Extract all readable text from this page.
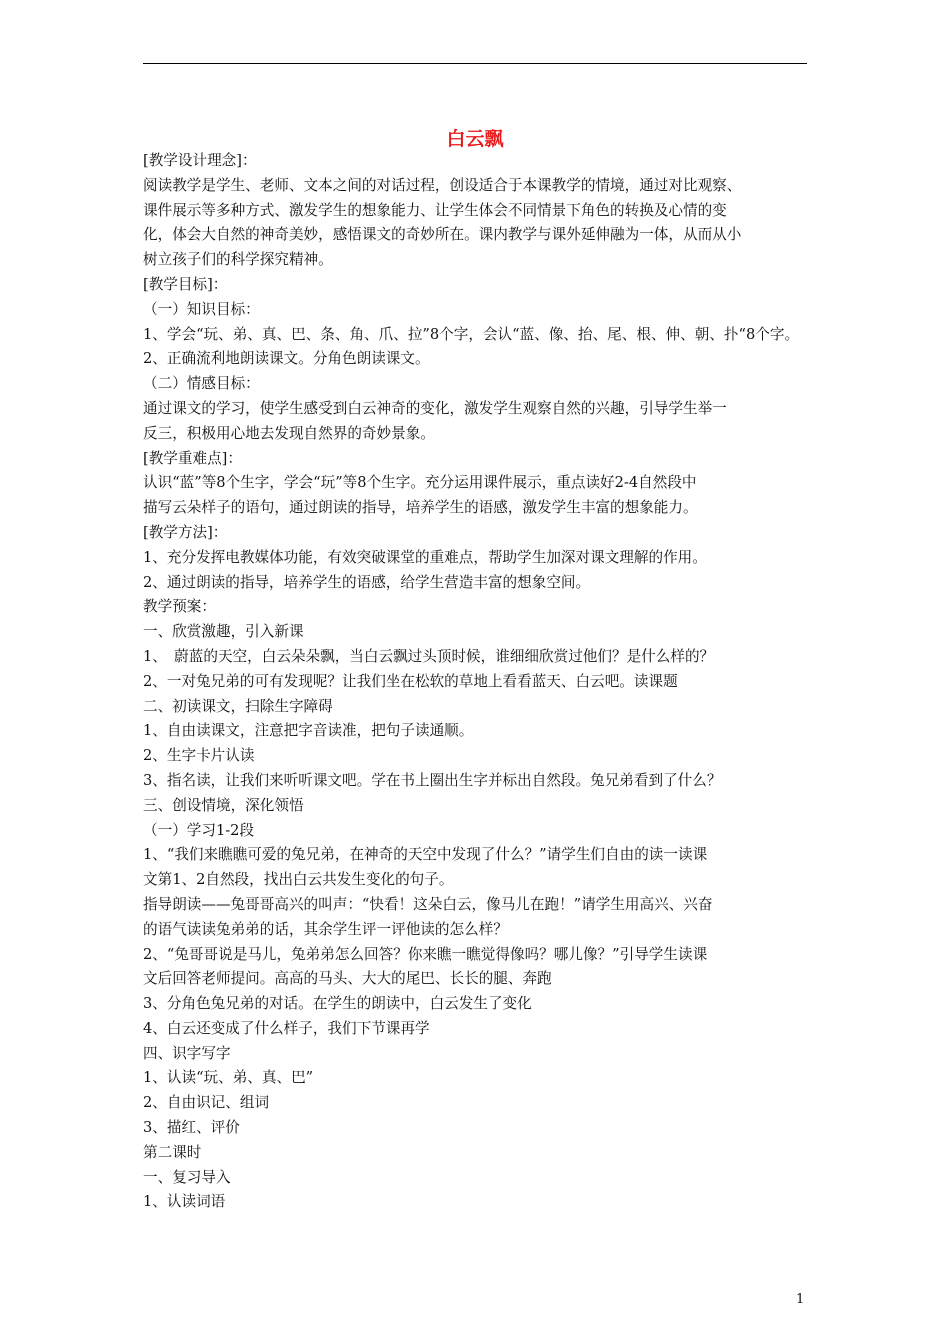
白云飘

[教学设计理念]：

阅读教学是学生、老师、文本之间的对话过程，创设适合于本课教学的情境，通过对比观察、

课件展示等多种方式、激发学生的想象能力、让学生体会不同情景下角色的转换及心情的变

化，体会大自然的神奇美妙，感悟课文的奇妙所在。课内教学与课外延伸融为一体，从而从小

树立孩子们的科学探究精神。

[教学目标]：

（一）知识目标：

1、学会“玩、弟、真、巴、条、角、爪、拉”8个字，会认“蓝、像、抬、尾、根、伸、朝、扑“8个字。

2、正确流利地朗读课文。分角色朗读课文。

（二）情感目标：

通过课文的学习，使学生感受到白云神奇的变化，激发学生观察自然的兴趣，引导学生举一

反三，积极用心地去发现自然界的奇妙景象。

[教学重难点]：

认识“蓝”等8个生字，学会“玩”等8个生字。充分运用课件展示，重点读好2-4自然段中

描写云朵样子的语句，通过朗读的指导，培养学生的语感，激发学生丰富的想象能力。

[教学方法]：

1、充分发挥电教媒体功能，有效突破课堂的重难点，帮助学生加深对课文理解的作用。

2、通过朗读的指导，培养学生的语感，给学生营造丰富的想象空间。

教学预案：

一、欣赏激趣，引入新课

1、　蔚蓝的天空，白云朵朵飘，当白云飘过头顶时候，谁细细欣赏过他们？是什么样的？

2、一对兔兄弟的可有发现呢？让我们坐在松软的草地上看看蓝天、白云吧。读课题

二、初读课文，扫除生字障碍

1、自由读课文，注意把字音读准，把句子读通顺。

2、生字卡片认读

3、指名读，让我们来听听课文吧。学在书上圈出生字并标出自然段。兔兄弟看到了什么？

三、创设情境，深化领悟

（一）学习1-2段

1、“我们来瞧瞧可爱的兔兄弟，在神奇的天空中发现了什么？”请学生们自由的读一读课

文第1、2自然段，找出白云共发生变化的句子。

指导朗读——兔哥哥高兴的叫声：“快看！这朵白云，像马儿在跑！”请学生用高兴、兴奋

的语气读读兔弟弟的话，其余学生评一评他读的怎么样？

2、“兔哥哥说是马儿，兔弟弟怎么回答？你来瞧一瞧觉得像吗？哪儿像？”引导学生读课

文后回答老师提问。高高的马头、大大的尾巴、长长的腿、奔跑

3、分角色兔兄弟的对话。在学生的朗读中，白云发生了变化

4、白云还变成了什么样子，我们下节课再学

四、识字写字

1、认读“玩、弟、真、巴”

2、自由识记、组词

3、描红、评价

第二课时

一、复习导入

1、认读词语

1
